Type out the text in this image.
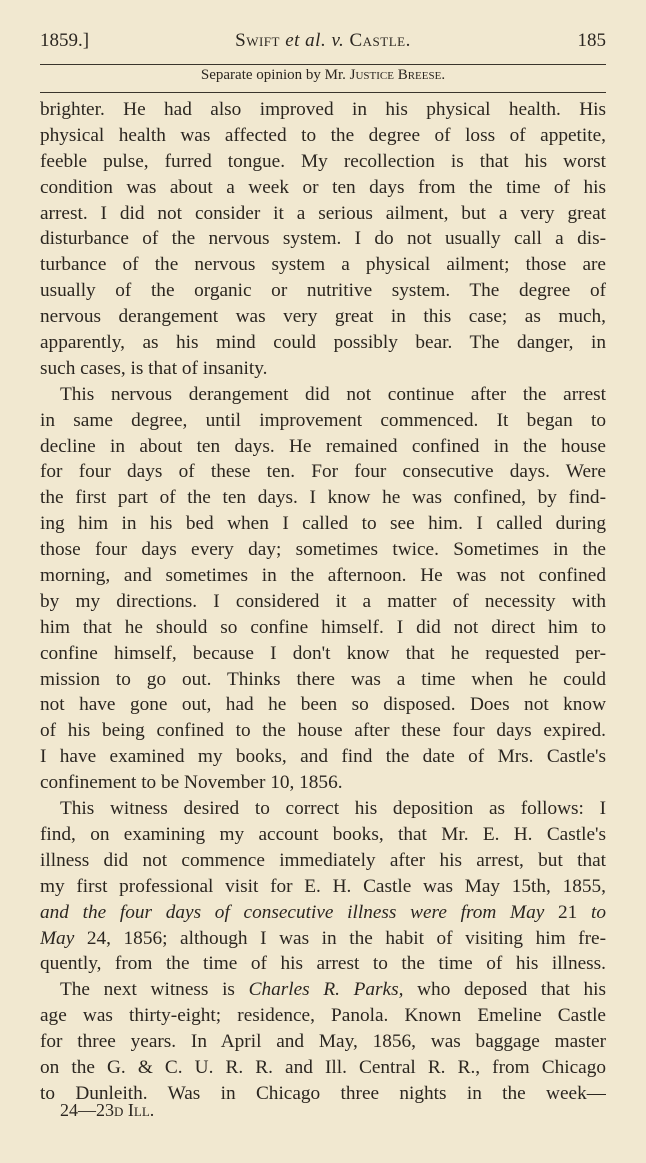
1859.]	Swift et al. v. Castle.	185
Separate opinion by Mr. Justice Breese.
brighter. He had also improved in his physical health. His
physical health was affected to the degree of loss of appetite,
feeble pulse, furred tongue. My recollection is that his worst
condition was about a week or ten days from the time of his
arrest. I did not consider it a serious ailment, but a very great
disturbance of the nervous system. I do not usually call a dis-
turbance of the nervous system a physical ailment; those are
usually of the organic or nutritive system. The degree of
nervous derangement was very great in this case; as much,
apparently, as his mind could possibly bear. The danger, in
such cases, is that of insanity.
This nervous derangement did not continue after the arrest
in same degree, until improvement commenced. It began to
decline in about ten days. He remained confined in the house
for four days of these ten. For four consecutive days. Were
the first part of the ten days. I know he was confined, by find-
ing him in his bed when I called to see him. I called during
those four days every day; sometimes twice. Sometimes in the
morning, and sometimes in the afternoon. He was not confined
by my directions. I considered it a matter of necessity with
him that he should so confine himself. I did not direct him to
confine himself, because I don't know that he requested per-
mission to go out. Thinks there was a time when he could
not have gone out, had he been so disposed. Does not know
of his being confined to the house after these four days expired.
I have examined my books, and find the date of Mrs. Castle's
confinement to be November 10, 1856.
This witness desired to correct his deposition as follows: I
find, on examining my account books, that Mr. E. H. Castle's
illness did not commence immediately after his arrest, but that
my first professional visit for E. H. Castle was May 15th, 1855,
and the four days of consecutive illness were from May 21 to
May 24, 1856; although I was in the habit of visiting him fre-
quently, from the time of his arrest to the time of his illness.
The next witness is Charles R. Parks, who deposed that his
age was thirty-eight; residence, Panola. Known Emeline Castle
for three years. In April and May, 1856, was baggage master
on the G. & C. U. R. R. and Ill. Central R. R., from Chicago
to Dunleith. Was in Chicago three nights in the week—
24—23d Ill.
